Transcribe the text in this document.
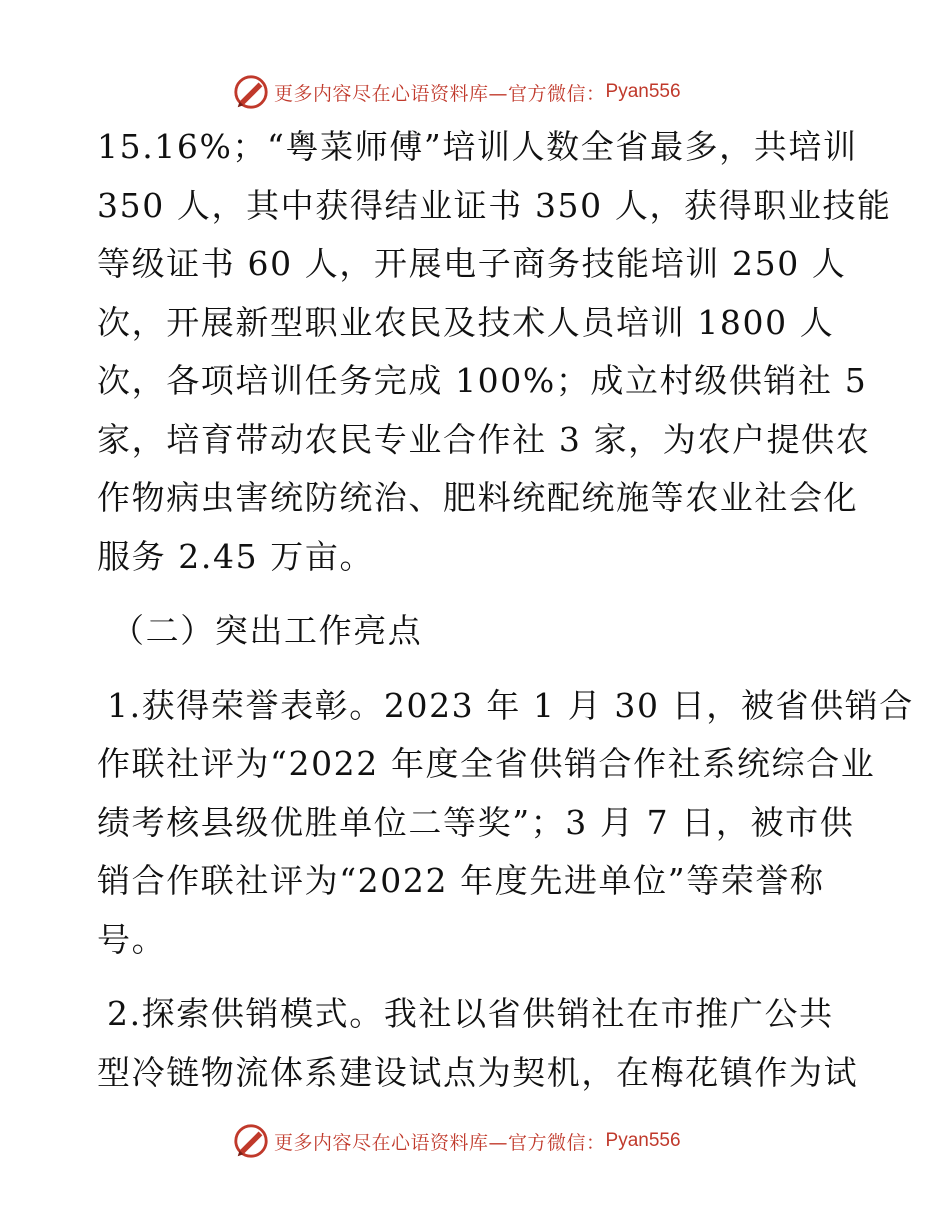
更多内容尽在心语资料库—官方微信： Pyan556
15.16%；“粤菜师傅”培训人数全省最多，共培训
350 人，其中获得结业证书 350 人，获得职业技能
等级证书 60 人，开展电子商务技能培训 250 人
次，开展新型职业农民及技术人员培训 1800 人
次，各项培训任务完成 100%；成立村级供销社 5
家，培育带动农民专业合作社 3 家，为农户提供农
作物病虫害统防统治、肥料统配统施等农业社会化
服务 2.45 万亩。
（二）突出工作亮点
1.获得荣誉表彰。2023 年 1 月 30 日，被省供销合
作联社评为“2022 年度全省供销合作社系统综合业
绩考核县级优胜单位二等奖”；3 月 7 日，被市供
销合作联社评为“2022 年度先进单位”等荣誉称
号。
2.探索供销模式。我社以省供销社在市推广公共
型冷链物流体系建设试点为契机，在梅花镇作为试
更多内容尽在心语资料库—官方微信： Pyan556
